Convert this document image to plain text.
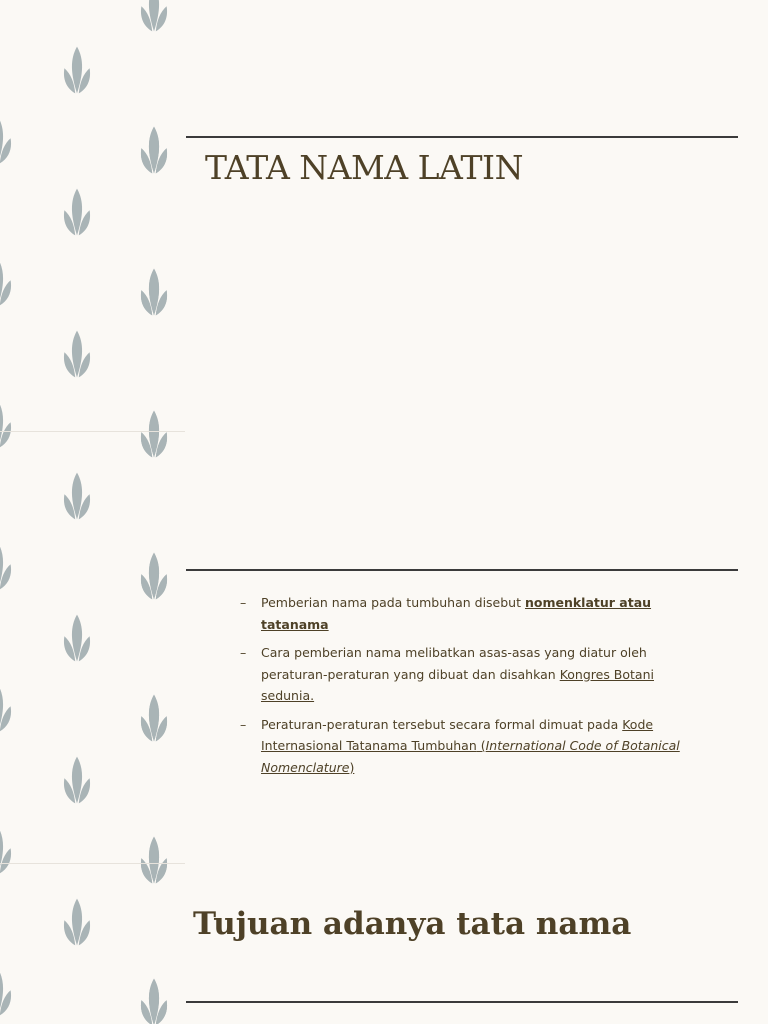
TATA NAMA LATIN
– Pemberian nama pada tumbuhan disebut nomenklatur atau tatanama
– Cara pemberian nama melibatkan asas-asas yang diatur oleh peraturan-peraturan yang dibuat dan disahkan Kongres Botani sedunia.
– Peraturan-peraturan tersebut secara formal dimuat pada Kode Internasional Tatanama Tumbuhan (International Code of Botanical Nomenclature)
Tujuan adanya tata nama
